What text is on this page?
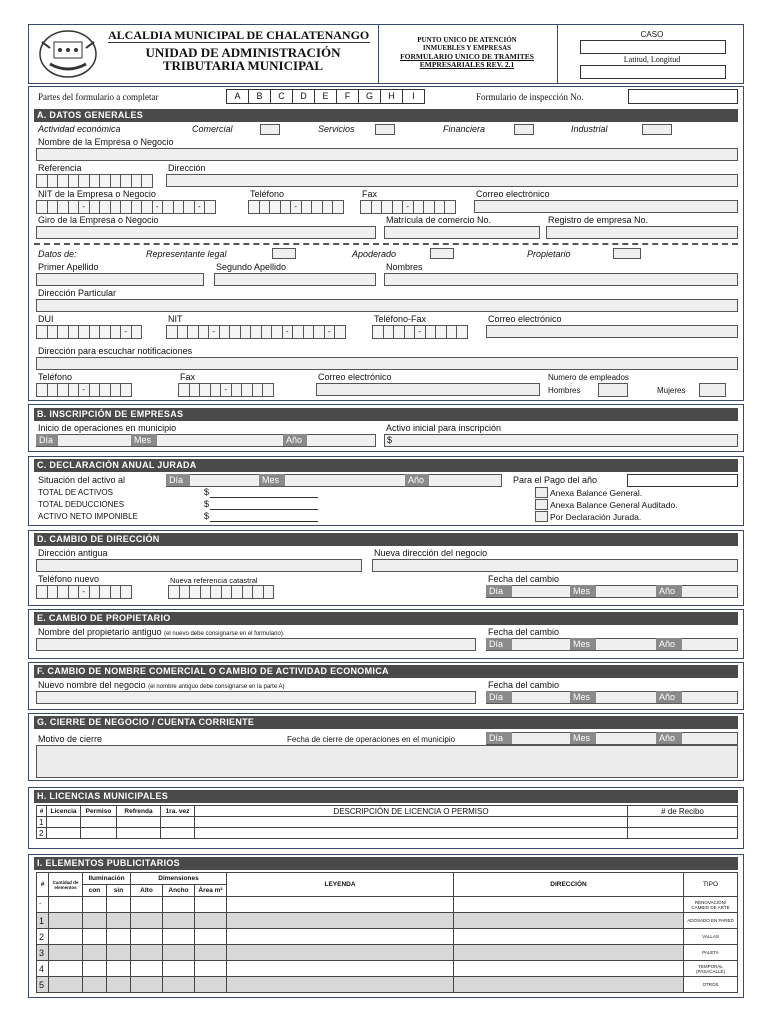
ALCALDIA MUNICIPAL DE CHALATENANGO
UNIDAD DE ADMINISTRACIÓN
TRIBUTARIA MUNICIPAL
PUNTO UNICO DE ATENCIÓN
INMUEBLES Y EMPRESAS
FORMULARIO UNICO DE TRAMITES
EMPRESARIALES REV. 2.1
CASO
Latitud, Longitud
Partes del formulario a completar	A	B	C	D	E	F	G	H	I	Formulario de inspección No.
A. DATOS GENERALES
Actividad económica	Comercial	Servicios	Financiera	Industrial
Nombre de la Empresa o Negocio
Referencia	Dirección
NIT de la Empresa o Negocio
-	-	-
Teléfono
-
Fax
-
Correo electrónico
Giro de la Empresa o Negocio	Matrícula de comercio No.	Registro de empresa No.
Datos de:	Representante legal	Apoderado	Propietario
Primer Apellido	Segundo Apellido	Nombres
Dirección Particular
DUI
-
NIT
-	-	-
Teléfono-Fax
-
Correo electrónico
Dirección para escuchar notificaciones
Teléfono
-
Fax
-
Correo electrónico	Numero de empleados
Hombres	Mujeres
B. INSCRIPCIÓN DE EMPRESAS
Inicio de operaciones en municipio
Día	Mes	Año
Activo inicial para inscripción
$
C. DECLARACIÓN ANUAL JURADA
Situación del activo al	Día	Mes	Año	Para el Pago del año
TOTAL DE ACTIVOS	$
TOTAL DEDUCCIONES	$
ACTIVO NETO IMPONIBLE	$
Anexa Balance General.
Anexa Balance General Auditado.
Por Declaración Jurada.
D. CAMBIO DE DIRECCIÓN
Dirección antigua	Nueva dirección del negocio
Teléfono nuevo
-
Nueva referencia catastral	Fecha del cambio
Día	Mes	Año
E. CAMBIO DE PROPIETARIO
Nombre del propietario antiguo (el nuevo debe consignarse en el formulario).	Fecha del cambio
Día	Mes	Año
F. CAMBIO DE NOMBRE COMERCIAL O CAMBIO DE ACTIVIDAD ECONOMICA
Nuevo nombre del negocio (el nombre antiguo debe consignarse en la parte A)	Fecha del cambio
Día	Mes	Año
G. CIERRE DE NEGOCIO / CUENTA CORRIENTE
Motivo de cierre	Fecha de cierre de operaciones en el municipio	Día	Mes	Año
H. LICENCIAS MUNICIPALES
#	Licencia	Permiso	Refrenda	1ra. vez	DESCRIPCIÓN DE LICENCIA O PERMISO	# de Recibo
1						
2						
I. ELEMENTOS PUBLICITARIOS
#	Cantidad de elementos	Iluminación		Dimensiones			LEYENDA	DIRECCIÓN	TIPO
		con	sin	Alto	Ancho	Área m²			
-									RENOVACIÓN/ CAMBIO DE ARTE
1									ADOSADO EN PARED
2									VALLAS
3									PALETA
4									TEMPORAL (PASACALLE)
5									OTROS
